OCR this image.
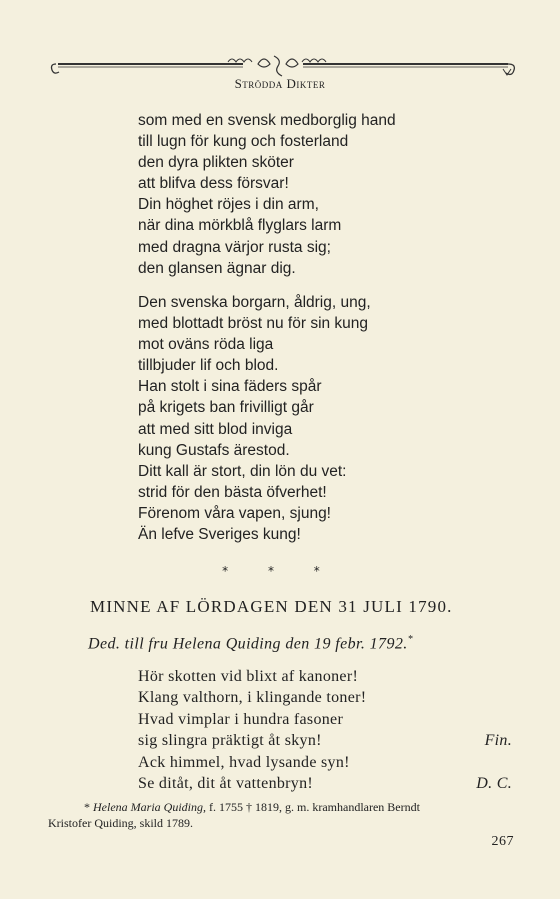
Strödda Dikter
som med en svensk medborglig hand
till lugn för kung och fosterland
den dyra plikten sköter
att blifva dess försvar!
Din höghet röjes i din arm,
när dina mörkblå flyglars larm
med dragna värjor rusta sig;
den glansen ägnar dig.
Den svenska borgarn, åldrig, ung,
med blottadt bröst nu för sin kung
mot oväns röda liga
tillbjuder lif och blod.
Han stolt i sina fäders spår
på krigets ban frivilligt går
att med sitt blod inviga
kung Gustafs ärestod.
Ditt kall är stort, din lön du vet:
strid för den bästa öfverhet!
Förenom våra vapen, sjung!
Än lefve Sveriges kung!
* * *
MINNE AF LÖRDAGEN DEN 31 JULI 1790.
Ded. till fru Helena Quiding den 19 febr. 1792.*
Hör skotten vid blixt af kanoner!
Klang valthorn, i klingande toner!
Hvad vimplar i hundra fasoner
sig slingra präktigt åt skyn!	Fin.
Ack himmel, hvad lysande syn!
Se ditåt, dit åt vattenbryn!	D. C.
* Helena Maria Quiding, f. 1755 † 1819, g. m. kramhandlaren Berndt
Kristofer Quiding, skild 1789.
267
